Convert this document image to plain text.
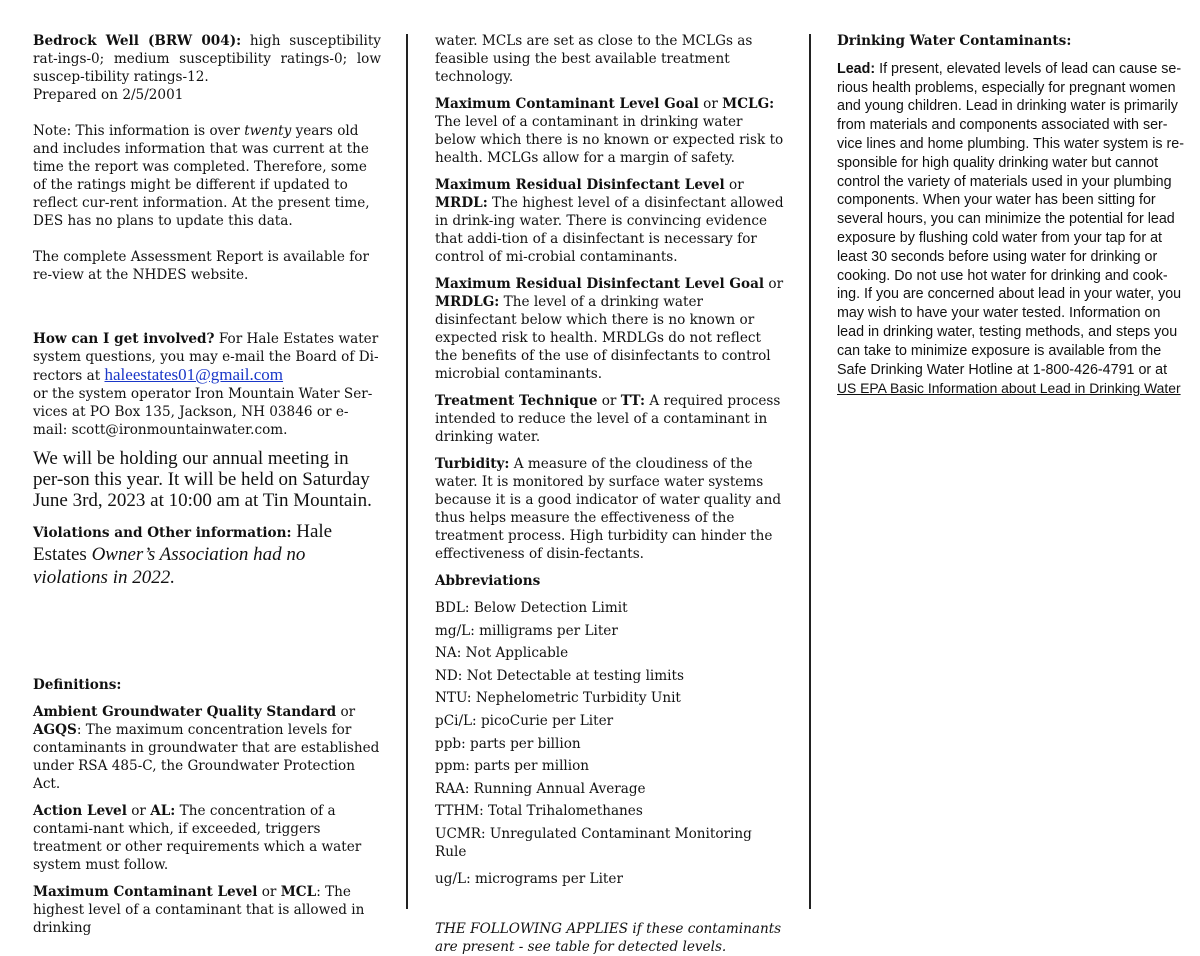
Bedrock Well (BRW 004): high susceptibility rat-ings-0; medium susceptibility ratings-0; low suscep-tibility ratings-12.

Prepared on 2/5/2001

Note: This information is over twenty years old and includes information that was current at the time the report was completed. Therefore, some of the ratings might be different if updated to reflect cur-rent information. At the present time, DES has no plans to update this data.

The complete Assessment Report is available for re-view at the NHDES website.

How can I get involved? For Hale Estates water system questions, you may e-mail the Board of Di-rectors at haleestates01@gmail.com
or the system operator Iron Mountain Water Ser-vices at PO Box 135, Jackson, NH 03846 or e-mail: scott@ironmountainwater.com.

We will be holding our annual meeting in per-son this year. It will be held on Saturday June 3rd, 2023 at 10:00 am at Tin Mountain.

Violations and Other information: Hale Estates Owner’s Association had no violations in 2022.

Definitions:

Ambient Groundwater Quality Standard or AGQS: The maximum concentration levels for contaminants in groundwater that are established under RSA 485-C, the Groundwater Protection Act.

Action Level or AL: The concentration of a contami-nant which, if exceeded, triggers treatment or other requirements which a water system must follow.

Maximum Contaminant Level or MCL: The highest level of a contaminant that is allowed in drinking

water. MCLs are set as close to the MCLGs as feasible using the best available treatment technology.

Maximum Contaminant Level Goal or MCLG: The level of a contaminant in drinking water below which there is no known or expected risk to health. MCLGs allow for a margin of safety.

Maximum Residual Disinfectant Level or MRDL: The highest level of a disinfectant allowed in drink-ing water. There is convincing evidence that addi-tion of a disinfectant is necessary for control of mi-crobial contaminants.

Maximum Residual Disinfectant Level Goal or MRDLG: The level of a drinking water disinfectant below which there is no known or expected risk to health. MRDLGs do not reflect the benefits of the use of disinfectants to control microbial contaminants.

Treatment Technique or TT: A required process intended to reduce the level of a contaminant in drinking water.

Turbidity: A measure of the cloudiness of the water. It is monitored by surface water systems because it is a good indicator of water quality and thus helps measure the effectiveness of the treatment process. High turbidity can hinder the effectiveness of disin-fectants.

Abbreviations

BDL: Below Detection Limit

mg/L: milligrams per Liter

NA: Not Applicable

ND: Not Detectable at testing limits

NTU: Nephelometric Turbidity Unit

pCi/L: picoCurie per Liter

ppb: parts per billion

ppm: parts per million

RAA: Running Annual Average

TTHM: Total Trihalomethanes

UCMR: Unregulated Contaminant Monitoring Rule

ug/L: micrograms per Liter

THE FOLLOWING APPLIES if these contaminants are present - see table for detected levels.

Drinking Water Contaminants:

Lead: If present, elevated levels of lead can cause se-rious health problems, especially for pregnant women and young children. Lead in drinking water is primarily from materials and components associated with ser-vice lines and home plumbing. This water system is re-sponsible for high quality drinking water but cannot control the variety of materials used in your plumbing components. When your water has been sitting for several hours, you can minimize the potential for lead exposure by flushing cold water from your tap for at least 30 seconds before using water for drinking or cooking. Do not use hot water for drinking and cook-ing. If you are concerned about lead in your water, you may wish to have your water tested. Information on lead in drinking water, testing methods, and steps you can take to minimize exposure is available from the Safe Drinking Water Hotline at 1-800-426-4791 or at US EPA Basic Information about Lead in Drinking Water
